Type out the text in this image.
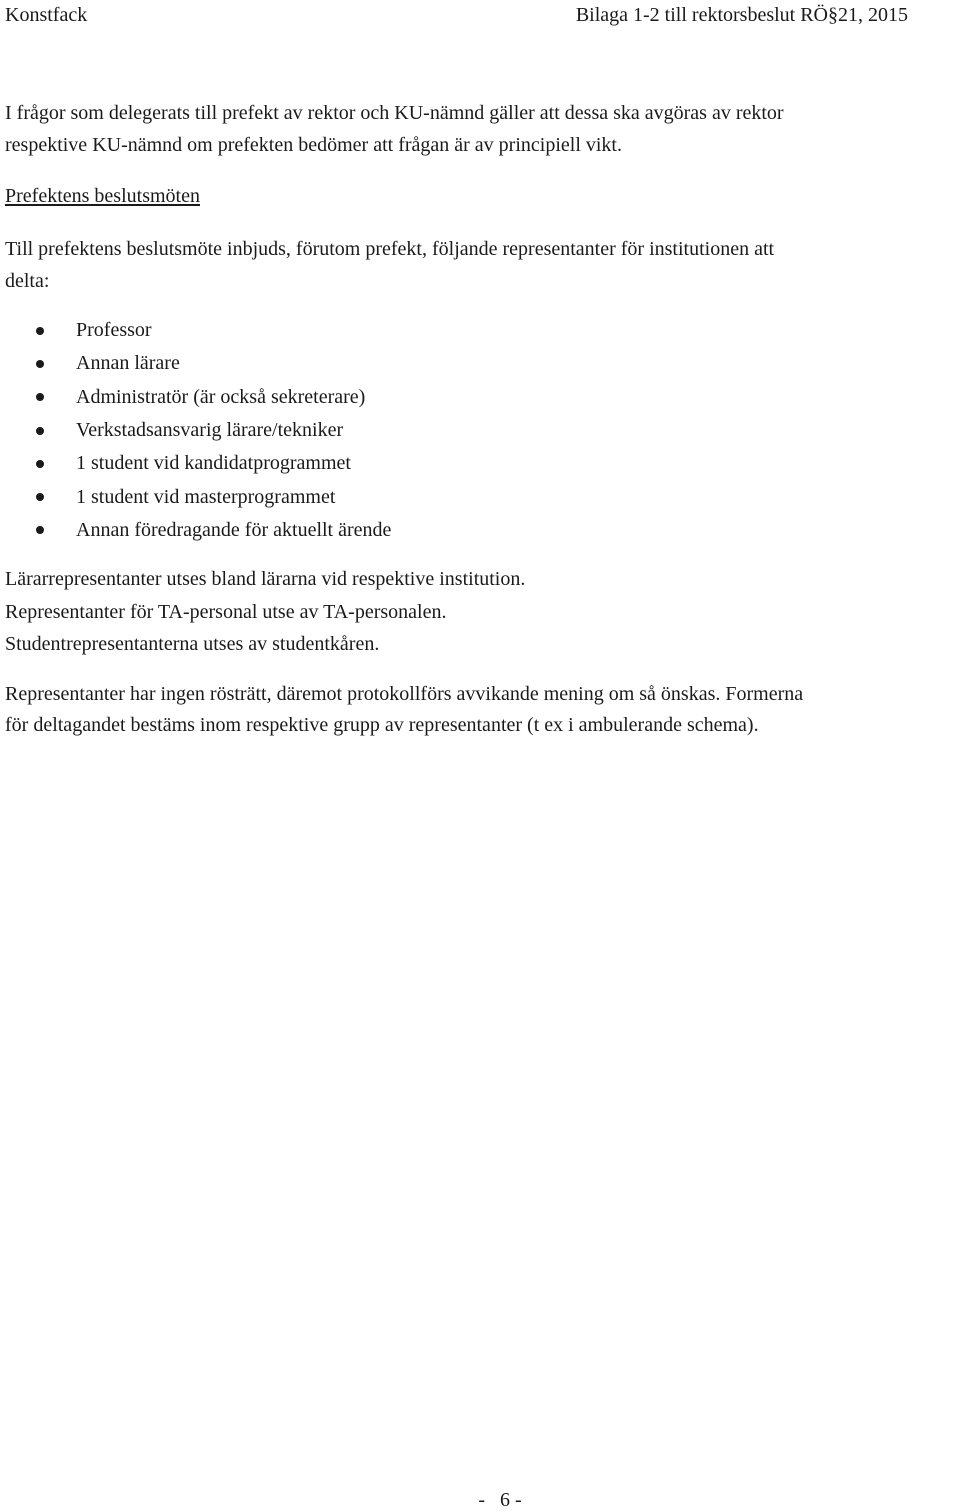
Konstfack	Bilaga 1-2 till rektorsbeslut RÖ§21, 2015

I frågor som delegerats till prefekt av rektor och KU-nämnd gäller att dessa ska avgöras av rektor
respektive KU-nämnd om prefekten bedömer att frågan är av principiell vikt.

Prefektens beslutsmöten

Till prefektens beslutsmöte inbjuds, förutom prefekt, följande representanter för institutionen att
delta:

Professor
Annan lärare
Administratör (är också sekreterare)
Verkstadsansvarig lärare/tekniker
1 student vid kandidatprogrammet
1 student vid masterprogrammet
Annan föredragande för aktuellt ärende

Lärarrepresentanter utses bland lärarna vid respektive institution.

Representanter för TA-personal utse av TA-personalen.

Studentrepresentanterna utses av studentkåren.

Representanter har ingen rösträtt, däremot protokollförs avvikande mening om så önskas. Formerna
för deltagandet bestäms inom respektive grupp av representanter (t ex i ambulerande schema).

-   6 -
